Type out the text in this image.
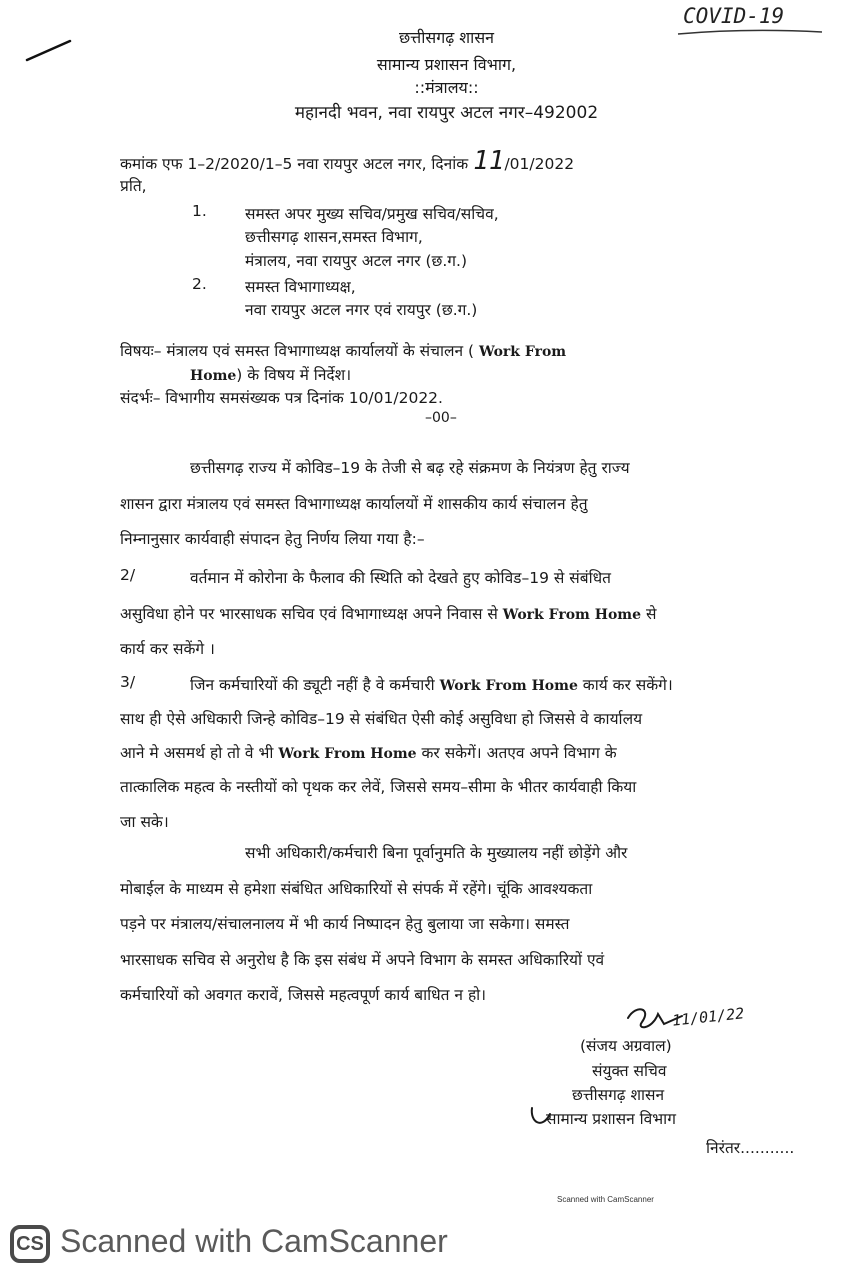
COVID-19
छत्तीसगढ़ शासन
सामान्य प्रशासन विभाग,
::मंत्रालय::
महानदी भवन, नवा रायपुर अटल नगर–492002
कमांक एफ 1–2/2020/1–5 नवा रायपुर अटल नगर, दिनांक 11/01/2022
प्रति,
1. समस्त अपर मुख्य सचिव/प्रमुख सचिव/सचिव,
छत्तीसगढ़ शासन,समस्त विभाग,
मंत्रालय, नवा रायपुर अटल नगर (छ.ग.)
2. समस्त विभागाध्यक्ष,
नवा रायपुर अटल नगर एवं रायपुर (छ.ग.)
विषयः– मंत्रालय एवं समस्त विभागाध्यक्ष कार्यालयों के संचालन ( Work From
Home) के विषय में निर्देश।
संदर्भः– विभागीय समसंख्यक पत्र दिनांक 10/01/2022.
–00–
छत्तीसगढ़ राज्य में कोविड–19 के तेजी से बढ़ रहे संक्रमण के नियंत्रण हेतु राज्य
शासन द्वारा मंत्रालय एवं समस्त विभागाध्यक्ष कार्यालयों में शासकीय कार्य संचालन हेतु
निम्नानुसार कार्यवाही संपादन हेतु निर्णय लिया गया है:–
2/	वर्तमान में कोरोना के फैलाव की स्थिति को देखते हुए कोविड–19 से संबंधित
असुविधा होने पर भारसाधक सचिव एवं विभागाध्यक्ष अपने निवास से Work From Home से
कार्य कर सकेंगे ।
3/	जिन कर्मचारियों की ड्यूटी नहीं है वे कर्मचारी Work From Home कार्य कर सकेंगे।
साथ ही ऐसे अधिकारी जिन्हे कोविड–19 से संबंधित ऐसी कोई असुविधा हो जिससे वे कार्यालय
आने मे असमर्थ हो तो वे भी Work From Home कर सकेगें। अतएव अपने विभाग के
तात्कालिक महत्व के नस्तीयों को पृथक कर लेवें, जिससे समय–सीमा के भीतर कार्यवाही किया
जा सके।
सभी अधिकारी/कर्मचारी बिना पूर्वानुमति के मुख्यालय नहीं छोड़ेंगे और
मोबाईल के माध्यम से हमेशा संबंधित अधिकारियों से संपर्क में रहेंगे। चूंकि आवश्यकता
पड़ने पर मंत्रालय/संचालनालय में भी कार्य निष्पादन हेतु बुलाया जा सकेगा। समस्त
भारसाधक सचिव से अनुरोध है कि इस संबंध में अपने विभाग के समस्त अधिकारियों एवं
कर्मचारियों को अवगत करावें, जिससे महत्वपूर्ण कार्य बाधित न हो।
11/01/22
(संजय अग्रवाल)
संयुक्त सचिव
छत्तीसगढ़ शासन
सामान्य प्रशासन विभाग
निरंतर...........
Scanned with CamScanner
CS Scanned with CamScanner
